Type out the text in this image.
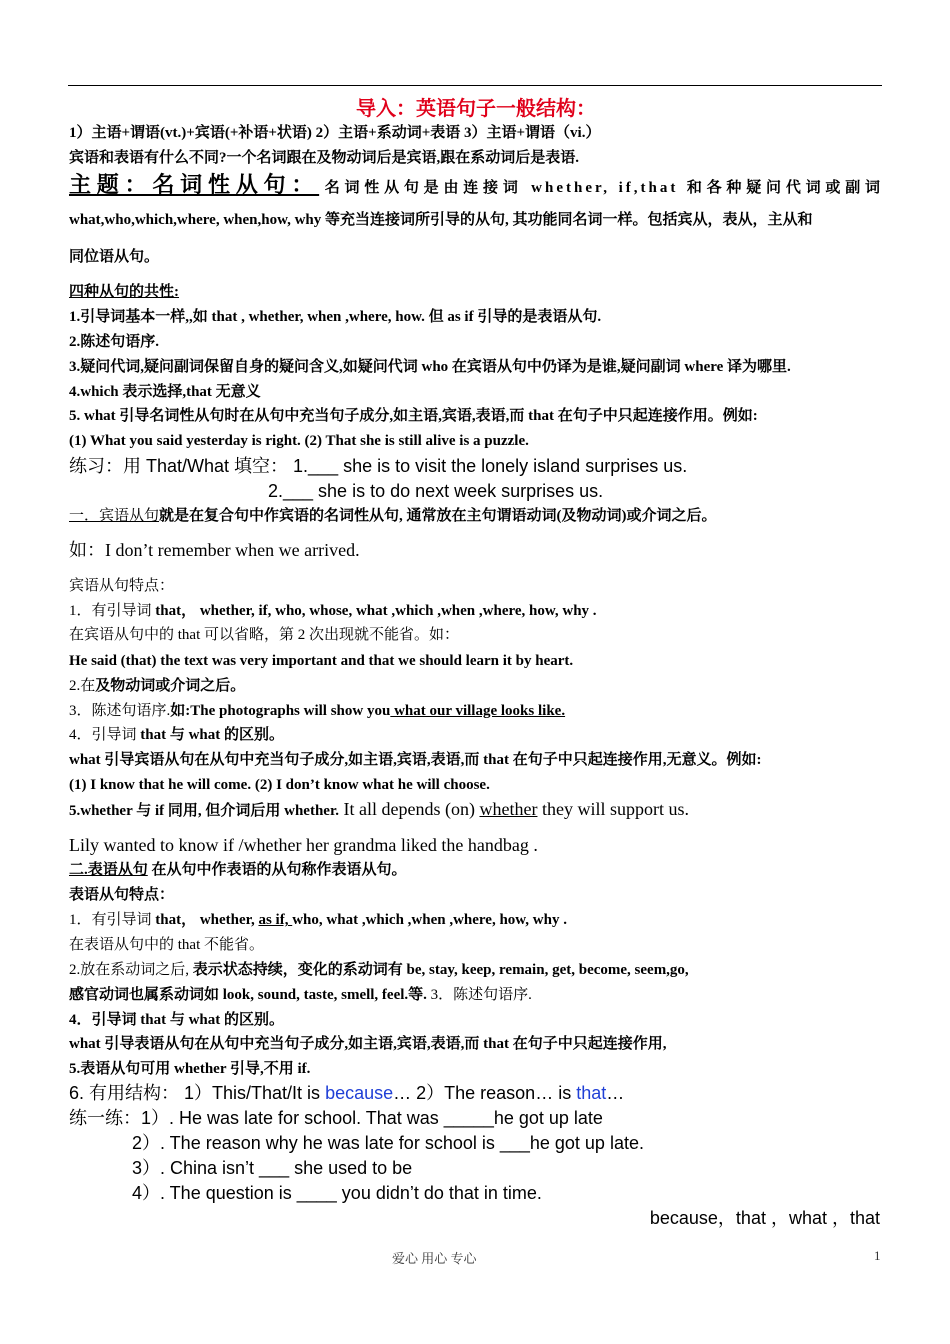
导入：英语句子一般结构：
1）主语+谓语(vt.)+宾语(+补语+状语) 2）主语+系动词+表语 3）主语+谓语（vi.）
宾语和表语有什么不同?一个名词跟在及物动词后是宾语,跟在系动词后是表语.
主题：名词性从句： 名词性从句是由连接词 whether, if,that 和各种疑问代词或副词
what,who,which,where, when,how, why 等充当连接词所引导的从句, 其功能同名词一样。包括宾从，表从，主从和
同位语从句。
四种从句的共性:
1.引导词基本一样,,如 that , whether, when ,where, how. 但 as if 引导的是表语从句.
2.陈述句语序.
3.疑问代词,疑问副词保留自身的疑问含义,如疑问代词 who 在宾语从句中仍译为是谁,疑问副词 where 译为哪里.
4.which 表示选择,that 无意义
5. what 引导名词性从句时在从句中充当句子成分,如主语,宾语,表语,而 that 在句子中只起连接作用。例如:
(1) What you said yesterday is right. (2) That she is still alive is a puzzle.
练习：用 That/What 填空： 1.___ she is to visit the lonely island surprises us.
2.___ she is to do next week surprises us.
一．宾语从句就是在复合句中作宾语的名词性从句, 通常放在主句谓语动词(及物动词)或介词之后。
如：I don’t remember when we arrived.
宾语从句特点：
1．有引导词 that， whether, if, who, whose, what ,which ,when ,where, how, why .
在宾语从句中的 that 可以省略，第 2 次出现就不能省。如：
He said (that) the text was very important and that we should learn it by heart.
2.在及物动词或介词之后。
3．陈述句语序.如:The photographs will show you what our village looks like.
4．引导词 that 与 what 的区别。
what 引导宾语从句在从句中充当句子成分,如主语,宾语,表语,而 that 在句子中只起连接作用,无意义。例如:
(1) I know that he will come. (2) I don’t know what he will choose.
5.whether 与 if 同用, 但介词后用 whether. It all depends (on) whether they will support us.
Lily wanted to know if /whether her grandma liked the handbag .
二.表语从句 在从句中作表语的从句称作表语从句。
表语从句特点：
1．有引导词 that， whether, as if, who, what ,which ,when ,where, how, why .
在表语从句中的 that 不能省。
2.放在系动词之后, 表示状态持续，变化的系动词有 be, stay, keep, remain, get, become, seem,go,
感官动词也属系动词如 look, sound, taste, smell, feel.等. 3．陈述句语序.
4．引导词 that 与 what 的区别。
what 引导表语从句在从句中充当句子成分,如主语,宾语,表语,而 that 在句子中只起连接作用,
5.表语从句可用 whether 引导,不用 if.
6. 有用结构： 1）This/That/It is because… 2）The reason… is that…
练一练：1）. He was late for school. That was _____he got up late
2）. The reason why he was late for school is ___he got up late.
3）. China isn’t ___ she used to be
4）. The question is ____ you didn’t do that in time.
because，that ，what ，that
爱心 用心 专心	1
